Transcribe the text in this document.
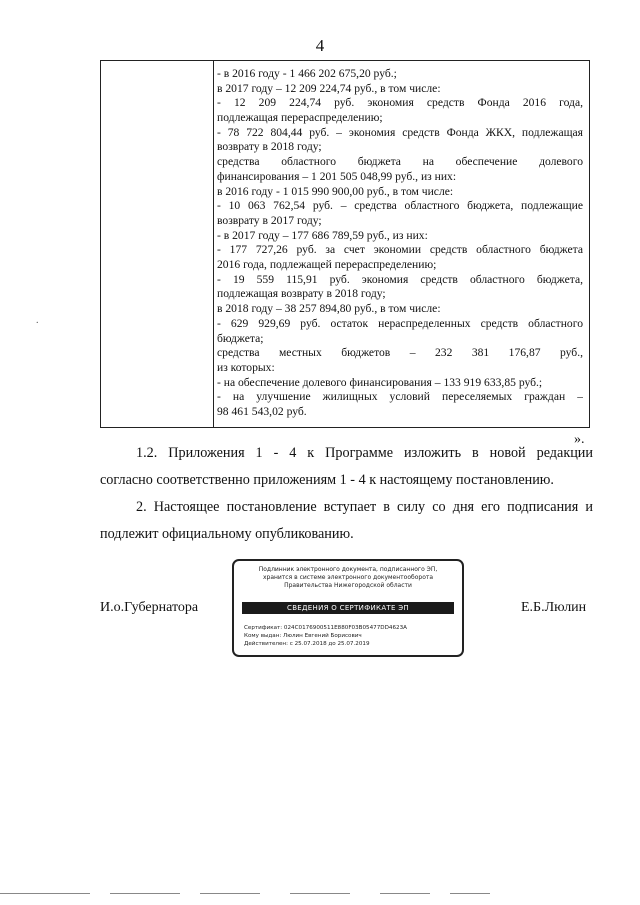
4
- в 2016 году - 1 466 202 675,20 руб.;
в 2017 году – 12 209 224,74 руб., в том числе:
- 12 209 224,74 руб. экономия средств Фонда 2016 года,
подлежащая перераспределению;
- 78 722 804,44 руб. – экономия средств Фонда ЖКХ, подлежащая
возврату в 2018 году;
средства областного бюджета на обеспечение долевого
финансирования – 1 201 505 048,99 руб., из них:
в 2016 году - 1 015 990 900,00 руб., в том числе:
- 10 063 762,54 руб. – средства областного бюджета, подлежащие
возврату в 2017 году;
- в 2017 году – 177 686 789,59 руб., из них:
- 177 727,26 руб. за счет экономии средств областного бюджета
2016 года, подлежащей перераспределению;
- 19 559 115,91 руб. экономия средств областного бюджета,
подлежащая возврату в 2018 году;
в 2018 году – 38 257 894,80 руб., в том числе:
- 629 929,69 руб. остаток нераспределенных средств областного
бюджета;
средства местных бюджетов – 232 381 176,87 руб.,
из которых:
- на обеспечение долевого финансирования – 133 919 633,85 руб.;
- на улучшение жилищных условий переселяемых граждан –
98 461 543,02 руб.
.
».
1.2. Приложения 1 - 4 к Программе изложить в новой редакции
согласно соответственно приложениям 1 - 4 к настоящему постановлению.
2. Настоящее постановление вступает в силу со дня его подписания и
подлежит официальному опубликованию.
И.о.Губернатора	Е.Б.Люлин
Подлинник электронного документа, подписанного ЭП,
хранится в системе электронного документооборота
Правительства Нижегородской области
СВЕДЕНИЯ О СЕРТИФИКАТЕ ЭП
Сертификат: 024C0176900511E880F03B05477DD4623A
Кому выдан: Люлин Евгений Борисович
Действителен: с 25.07.2018 до 25.07.2019
